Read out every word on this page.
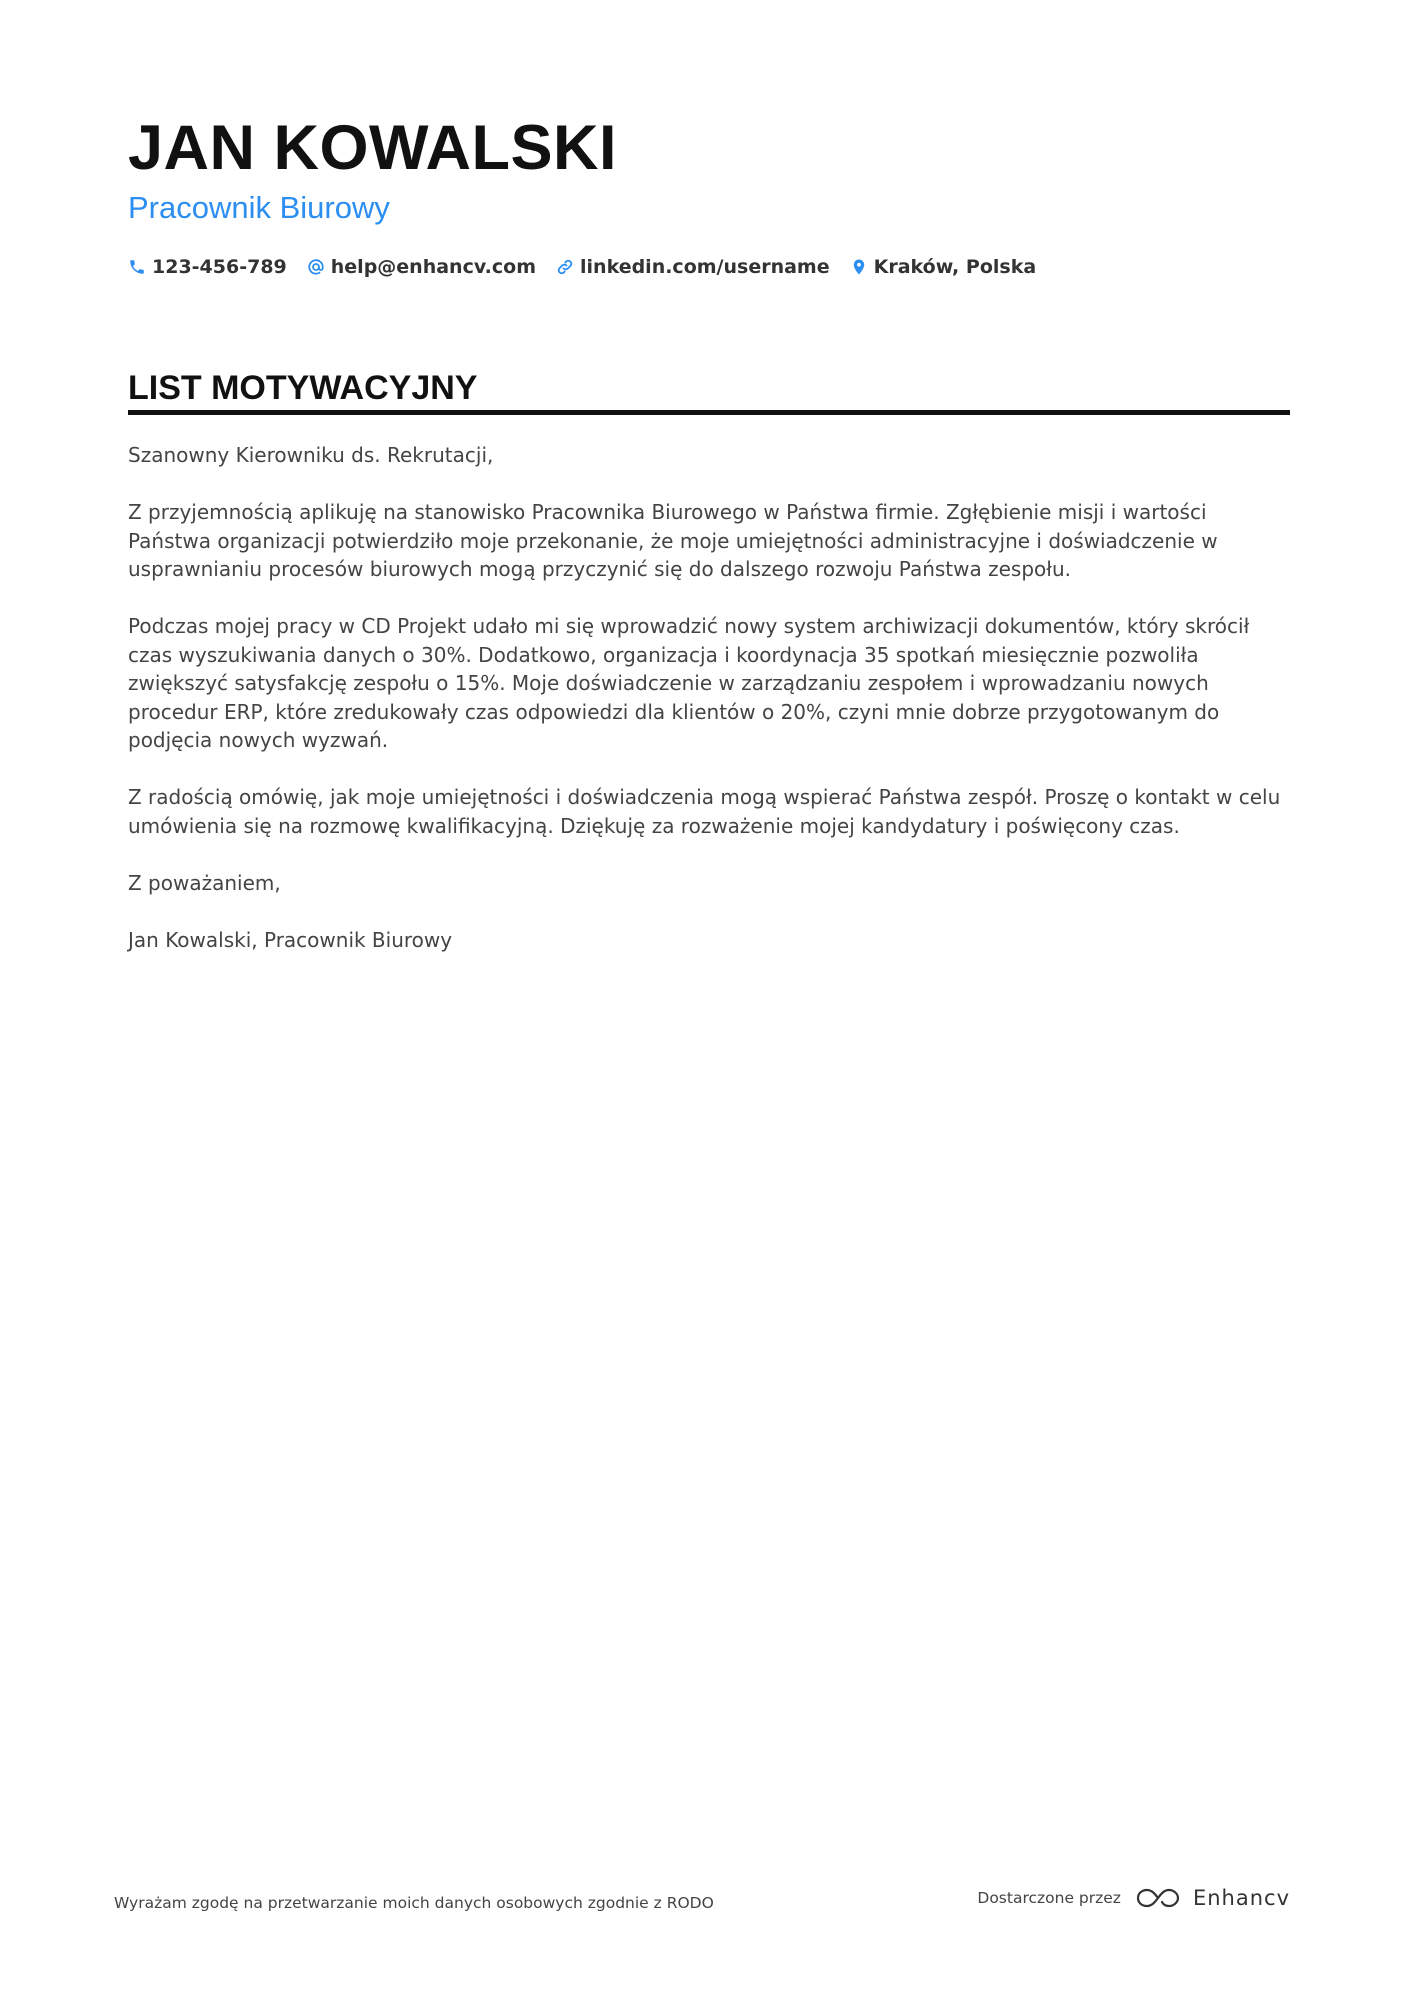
JAN KOWALSKI
Pracownik Biurowy
123-456-789 help@enhancv.com linkedin.com/username Kraków, Polska
LIST MOTYWACYJNY

Szanowny Kierowniku ds. Rekrutacji,

Z przyjemnością aplikuję na stanowisko Pracownika Biurowego w Państwa firmie. Zgłębienie misji i wartości Państwa organizacji potwierdziło moje przekonanie, że moje umiejętności administracyjne i doświadczenie w usprawnianiu procesów biurowych mogą przyczynić się do dalszego rozwoju Państwa zespołu.

Podczas mojej pracy w CD Projekt udało mi się wprowadzić nowy system archiwizacji dokumentów, który skrócił czas wyszukiwania danych o 30%. Dodatkowo, organizacja i koordynacja 35 spotkań miesięcznie pozwoliła zwiększyć satysfakcję zespołu o 15%. Moje doświadczenie w zarządzaniu zespołem i wprowadzaniu nowych procedur ERP, które zredukowały czas odpowiedzi dla klientów o 20%, czyni mnie dobrze przygotowanym do podjęcia nowych wyzwań.

Z radością omówię, jak moje umiejętności i doświadczenia mogą wspierać Państwa zespół. Proszę o kontakt w celu umówienia się na rozmowę kwalifikacyjną. Dziękuję za rozważenie mojej kandydatury i poświęcony czas.

Z poważaniem,

Jan Kowalski, Pracownik Biurowy

Wyrażam zgodę na przetwarzanie moich danych osobowych zgodnie z RODO	Dostarczone przez	Enhancv
